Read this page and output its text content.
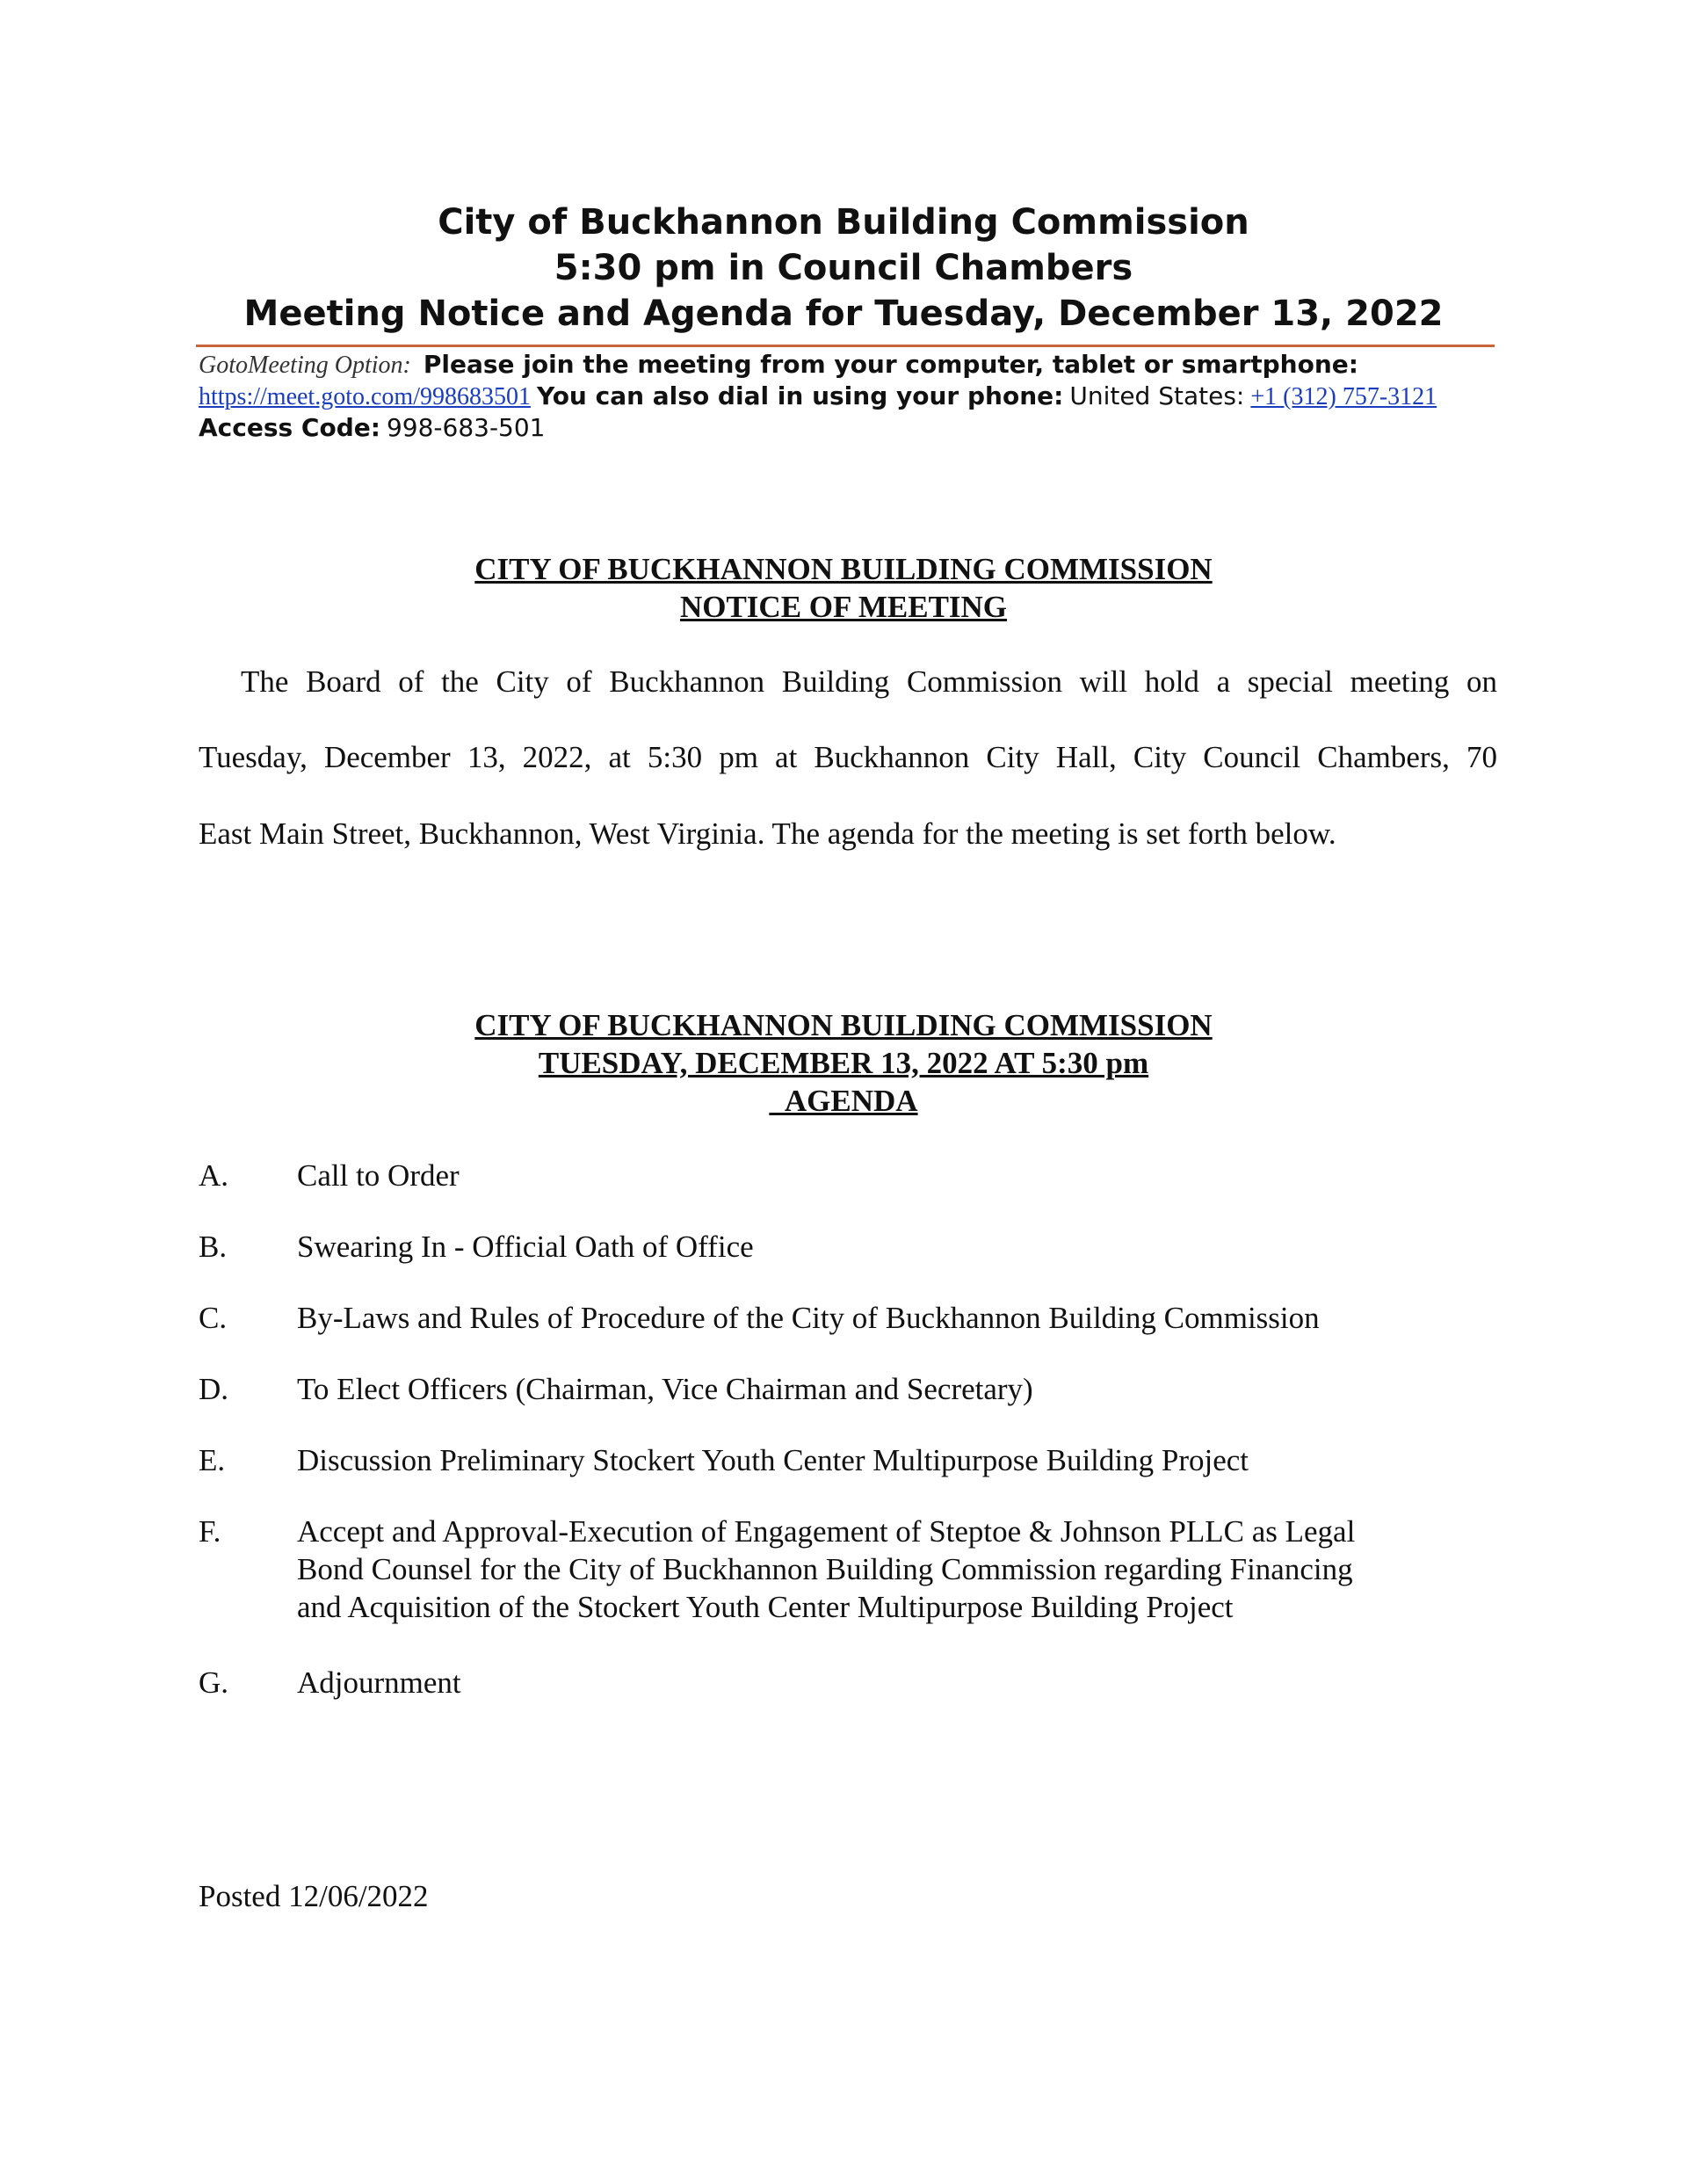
City of Buckhannon Building Commission
5:30 pm in Council Chambers
Meeting Notice and Agenda for Tuesday, December 13, 2022
GotoMeeting Option: Please join the meeting from your computer, tablet or smartphone:
https://meet.goto.com/998683501 You can also dial in using your phone: United States: +1 (312) 757-3121
Access Code: 998-683-501
CITY OF BUCKHANNON BUILDING COMMISSION
NOTICE OF MEETING
The Board of the City of Buckhannon Building Commission will hold a special meeting on
Tuesday, December 13, 2022, at 5:30 pm at Buckhannon City Hall, City Council Chambers, 70
East Main Street, Buckhannon, West Virginia. The agenda for the meeting is set forth below.
CITY OF BUCKHANNON BUILDING COMMISSION
TUESDAY, DECEMBER 13, 2022 AT 5:30 pm
AGENDA
A. Call to Order
B. Swearing In - Official Oath of Office
C. By-Laws and Rules of Procedure of the City of Buckhannon Building Commission
D. To Elect Officers (Chairman, Vice Chairman and Secretary)
E. Discussion Preliminary Stockert Youth Center Multipurpose Building Project
F. Accept and Approval-Execution of Engagement of Steptoe & Johnson PLLC as Legal
Bond Counsel for the City of Buckhannon Building Commission regarding Financing
and Acquisition of the Stockert Youth Center Multipurpose Building Project
G. Adjournment
Posted 12/06/2022
